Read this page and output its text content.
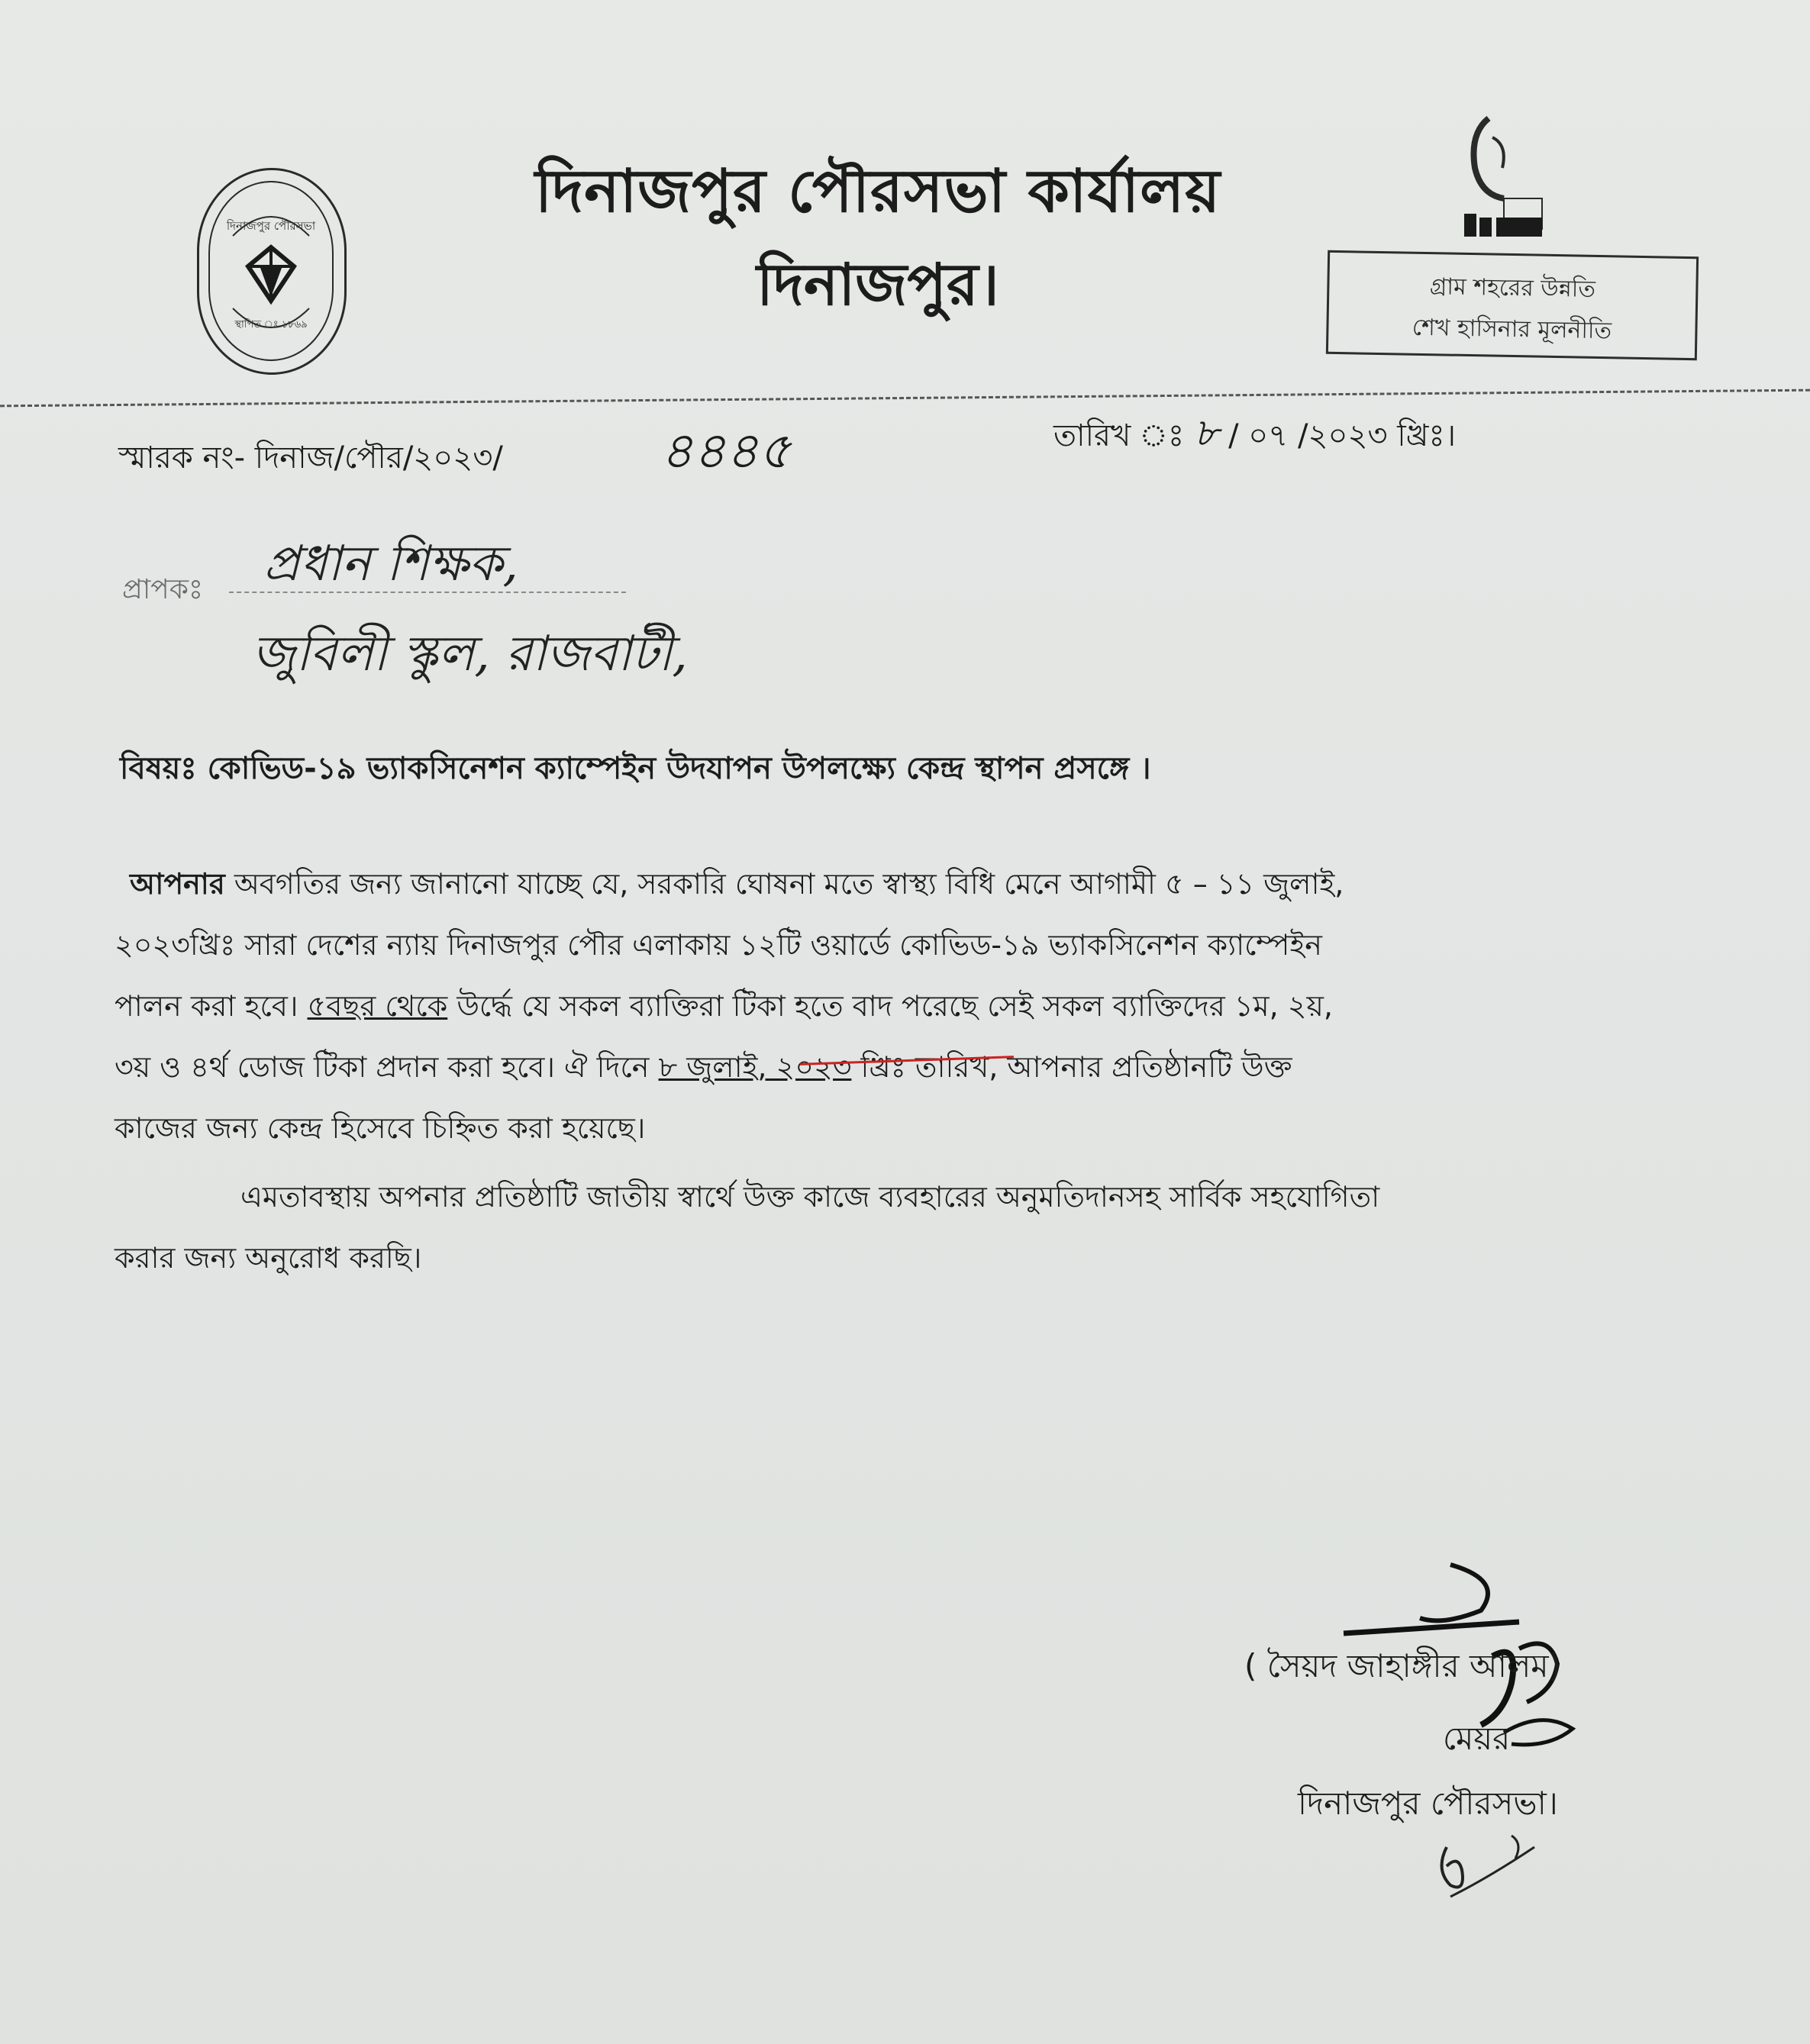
দিনাজপুর পৌরসভা
স্থাপিত ঃ ১৮৬৯
দিনাজপুর পৌরসভা কার্যালয়
দিনাজপুর।	গ্রাম শহরের উন্নতি
শেখ হাসিনার মূলনীতি
স্মারক নং- দিনাজ/পৌর/২০২৩/	৪৪৪৫	তারিখ ঃ ৮ / ০৭ /২০২৩ খ্রিঃ।
প্রাপকঃ প্রধান শিক্ষক,
জুবিলী স্কুল, রাজবাটী,
বিষয়ঃ কোভিড-১৯ ভ্যাকসিনেশন ক্যাম্পেইন উদযাপন উপলক্ষ্যে কেন্দ্র স্থাপন প্রসঙ্গে ।
আপনার অবগতির জন্য জানানো যাচ্ছে যে, সরকারি ঘোষনা মতে স্বাস্থ্য বিধি মেনে আগামী ৫ – ১১ জুলাই,
২০২৩খ্রিঃ সারা দেশের ন্যায় দিনাজপুর পৌর এলাকায় ১২টি ওয়ার্ডে কোভিড-১৯ ভ্যাকসিনেশন ক্যাম্পেইন
পালন করা হবে। ৫বছর থেকে উর্দ্ধে যে সকল ব্যাক্তিরা টিকা হতে বাদ পরেছে সেই সকল ব্যাক্তিদের ১ম, ২য়,
৩য় ও ৪র্থ ডোজ টিকা প্রদান করা হবে। ঐ দিনে ৮ জুলাই, ২০২৩ খ্রিঃ তারিখ, আপনার প্রতিষ্ঠানটি উক্ত
কাজের জন্য কেন্দ্র হিসেবে চিহ্নিত করা হয়েছে।
এমতাবস্থায় অপনার প্রতিষ্ঠাটি জাতীয় স্বার্থে উক্ত কাজে ব্যবহারের অনুমতিদানসহ সার্বিক সহযোগিতা
করার জন্য অনুরোধ করছি।
( সৈয়দ জাহাঙ্গীর আলম)
মেয়র
দিনাজপুর পৌরসভা।
